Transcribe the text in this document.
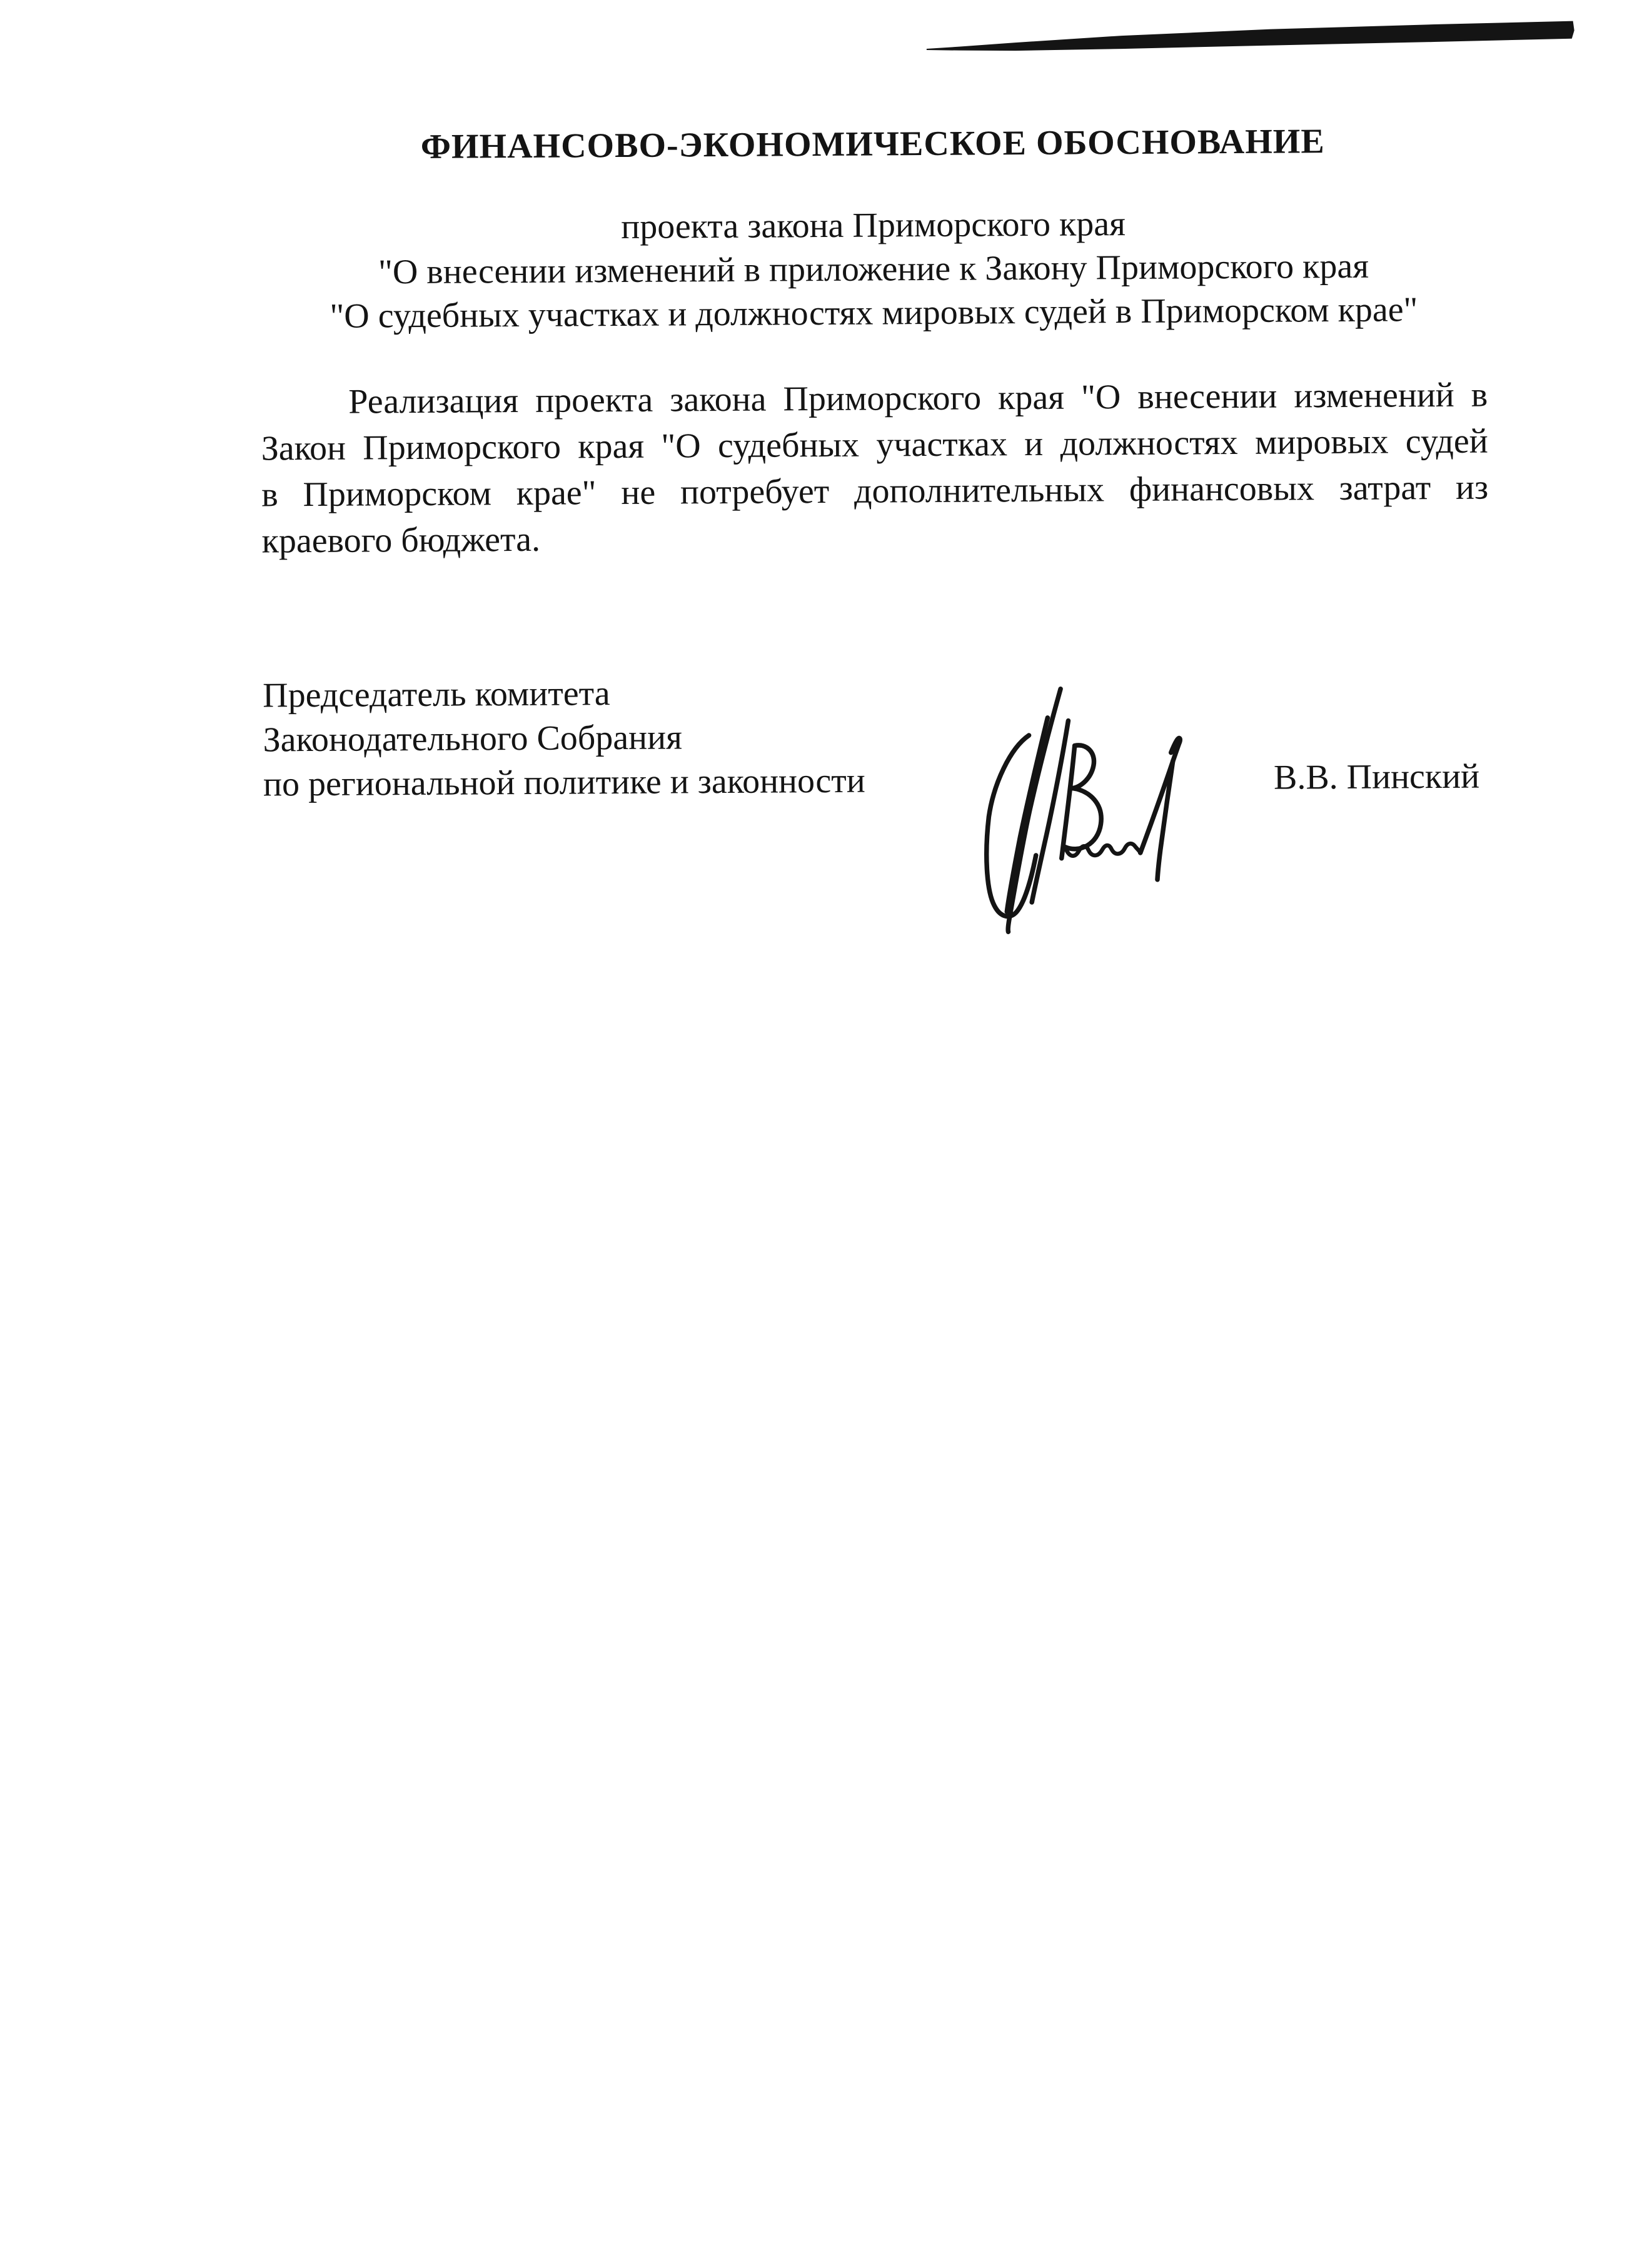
ФИНАНСОВО-ЭКОНОМИЧЕСКОЕ ОБОСНОВАНИЕ

проекта закона Приморского края

"О внесении изменений в приложение к Закону Приморского края

"О судебных участках и должностях мировых судей в Приморском крае"

Реализация проекта закона Приморского края "О внесении изменений в
Закон Приморского края "О судебных участках и должностях мировых судей
в Приморском крае" не потребует дополнительных финансовых затрат из
краевого бюджета.

Председатель комитета

Законодательного Собрания

по региональной политике и законности	В.В. Пинский
